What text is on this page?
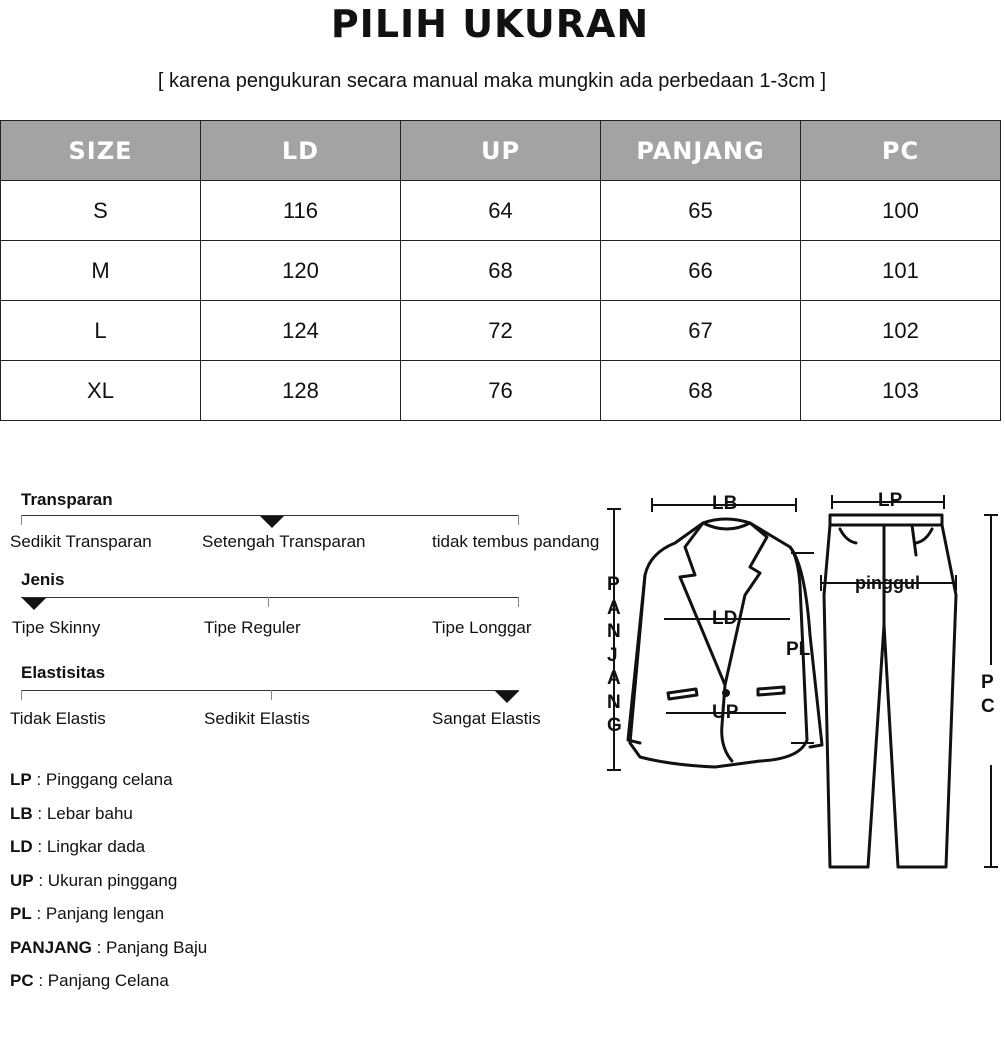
PILIH UKURAN
[ karena pengukuran secara manual maka mungkin ada perbedaan 1-3cm ]
SIZE	LD	UP	PANJANG	PC
S	116	64	65	100
M	120	68	66	101
L	124	72	67	102
XL	128	76	68	103
Transparan
Sedikit Transparan	Setengah Transparan	tidak tembus pandang
Jenis
Tipe Skinny	Tipe Reguler	Tipe Longgar
Elastisitas
Tidak Elastis	Sedikit Elastis	Sangat Elastis
LP : Pinggang celana
LB : Lebar bahu
LD : Lingkar dada
UP : Ukuran pinggang
PL : Panjang lengan
PANJANG : Panjang Baju
PC : Panjang Celana
LB	LP
pinggul
LD
UP
PL
P
A
N
J
A
N
G
P
C
